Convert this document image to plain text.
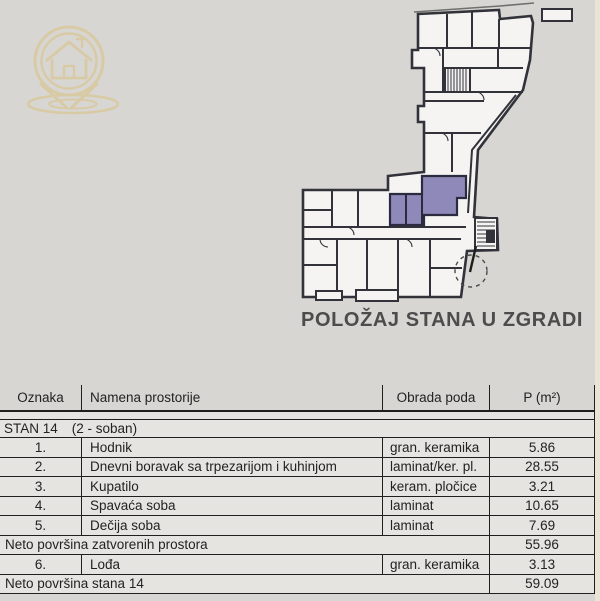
POLOŽAJ STANA U ZGRADI
Oznaka	Namena prostorije	Obrada poda	P (m²)
STAN 14 (2 - soban)
1.	Hodnik	gran. keramika	5.86
2.	Dnevni boravak sa trpezarijom i kuhinjom	laminat/ker. pl.	28.55
3.	Kupatilo	keram. pločice	3.21
4.	Spavaća soba	laminat	10.65
5.	Dečija soba	laminat	7.69
Neto površina zatvorenih prostora	55.96
6.	Lođa	gran. keramika	3.13
Neto površina stana 14	59.09
